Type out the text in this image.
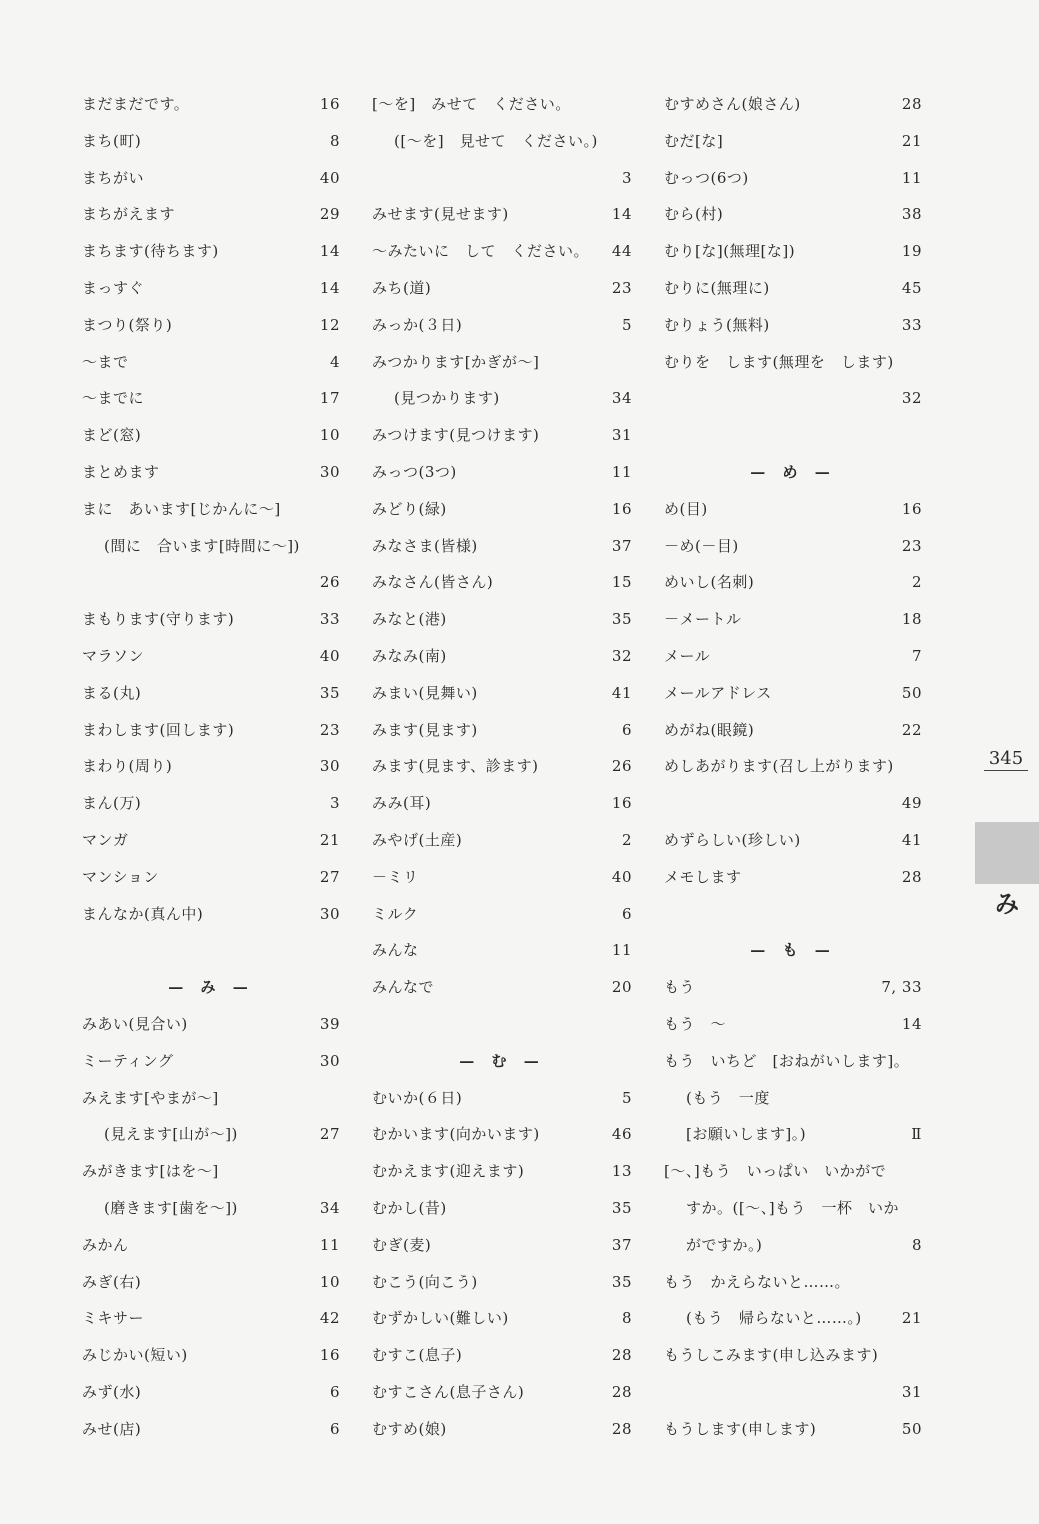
まだまだです。	16
まち(町)	8
まちがい	40
まちがえます	29
まちます(待ちます)	14
まっすぐ	14
まつり(祭り)	12
～まで	4
～までに	17
まど(窓)	10
まとめます	30
まに　あいます[じかんに～]
(間に　合います[時間に～])
26
まもります(守ります)	33
マラソン	40
まる(丸)	35
まわします(回します)	23
まわり(周り)	30
まん(万)	3
マンガ	21
マンション	27
まんなか(真ん中)	30
— み —
みあい(見合い)	39
ミーティング	30
みえます[やまが～]
(見えます[山が～])	27
みがきます[はを～]
(磨きます[歯を～])	34
みかん	11
みぎ(右)	10
ミキサー	42
みじかい(短い)	16
みず(水)	6
みせ(店)	6
[～を]　みせて　ください。
([～を]　見せて　ください。)
3
みせます(見せます)	14
～みたいに　して　ください。 44
みち(道)	23
みっか(３日)	5
みつかります[かぎが～]
(見つかります)	34
みつけます(見つけます)	31
みっつ(3つ)	11
みどり(緑)	16
みなさま(皆様)	37
みなさん(皆さん)	15
みなと(港)	35
みなみ(南)	32
みまい(見舞い)	41
みます(見ます)	6
みます(見ます、診ます)	26
みみ(耳)	16
みやげ(土産)	2
－ミリ	40
ミルク	6
みんな	11
みんなで	20
— む —
むいか(６日)	5
むかいます(向かいます)	46
むかえます(迎えます)	13
むかし(昔)	35
むぎ(麦)	37
むこう(向こう)	35
むずかしい(難しい)	8
むすこ(息子)	28
むすこさん(息子さん)	28
むすめ(娘)	28
むすめさん(娘さん)	28
むだ[な]	21
むっつ(6つ)	11
むら(村)	38
むり[な](無理[な])	19
むりに(無理に)	45
むりょう(無料)	33
むりを　します(無理を　します)
32
— め —
め(目)	16
－め(－目)	23
めいし(名刺)	2
－メートル	18
メール	7
メールアドレス	50
めがね(眼鏡)	22
めしあがります(召し上がります)
49
めずらしい(珍しい)	41
メモします	28
— も —
もう	7, 33
もう　～	14
もう　いちど　[おねがいします]。
(もう　一度
[お願いします]。)	Ⅱ
[～、]もう　いっぱい　いかがで
すか。([～、]もう　一杯　いか
がですか。)	8
もう　かえらないと……。
(もう　帰らないと……。)	21
もうしこみます(申し込みます)
31
もうします(申します)	50
345
み
